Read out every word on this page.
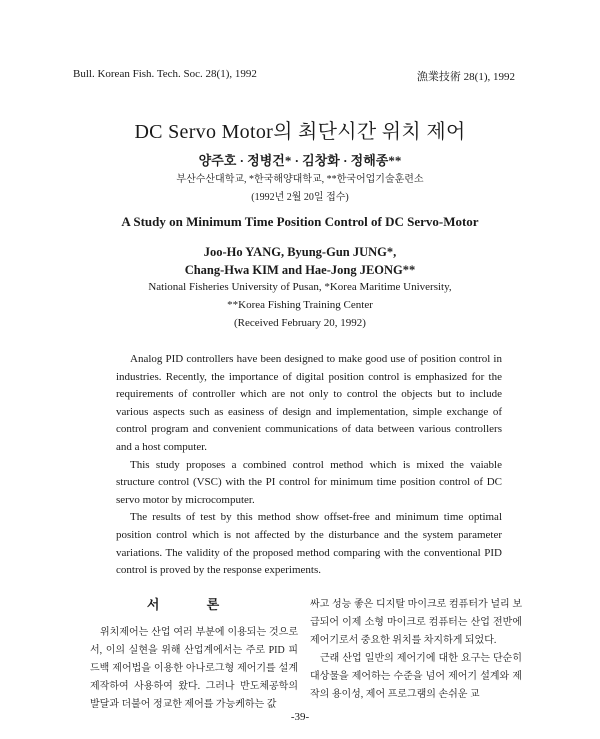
Bull. Korean Fish. Tech. Soc. 28(1), 1992	漁業技術 28(1), 1992
DC Servo Motor의 최단시간 위치 제어
양주호 · 정병건* · 김창화 · 정해종**
부산수산대학교, *한국해양대학교, **한국어업기술훈련소
(1992년 2월 20일 접수)
A Study on Minimum Time Position Control of DC Servo-Motor
Joo-Ho YANG, Byung-Gun JUNG*,
Chang-Hwa KIM and Hae-Jong JEONG**
National Fisheries University of Pusan, *Korea Maritime University,
**Korea Fishing Training Center
(Received February 20, 1992)

Analog PID controllers have been designed to make good use of position control in industries. Recently, the importance of digital position control is emphasized for the requirements of controller which are not only to control the objects but to include various aspects such as easiness of design and implementation, simple exchange of control program and convenient communications of data between various controllers and a host computer.

This study proposes a combined control method which is mixed the vaiable structure control (VSC) with the PI control for minimum time position control of DC servo motor by microcomputer.

The results of test by this method show offset-free and minimum time optimal position control which is not affected by the disturbance and the system parameter variations. The validity of the proposed method comparing with the conventional PID control is proved by the response experiments.

서 론

위치제어는 산업 여러 부분에 이용되는 것으로서, 이의 실현을 위해 산업계에서는 주로 PID 피드백 제어법을 이용한 아나로그형 제어기를 설계 제작하여 사용하여 왔다. 그러나 반도체공학의 발달과 더불어 정교한 제어를 가능케하는 값

싸고 성능 좋은 디지탈 마이크로 컴퓨터가 널리 보급되어 이제 소형 마이크로 컴퓨터는 산업 전반에 제어기로서 중요한 위치를 차지하게 되었다.

근래 산업 일반의 제어기에 대한 요구는 단순히 대상물을 제어하는 수준을 넘어 제어기 설계와 제작의 용이성, 제어 프로그램의 손쉬운 교

-39-
